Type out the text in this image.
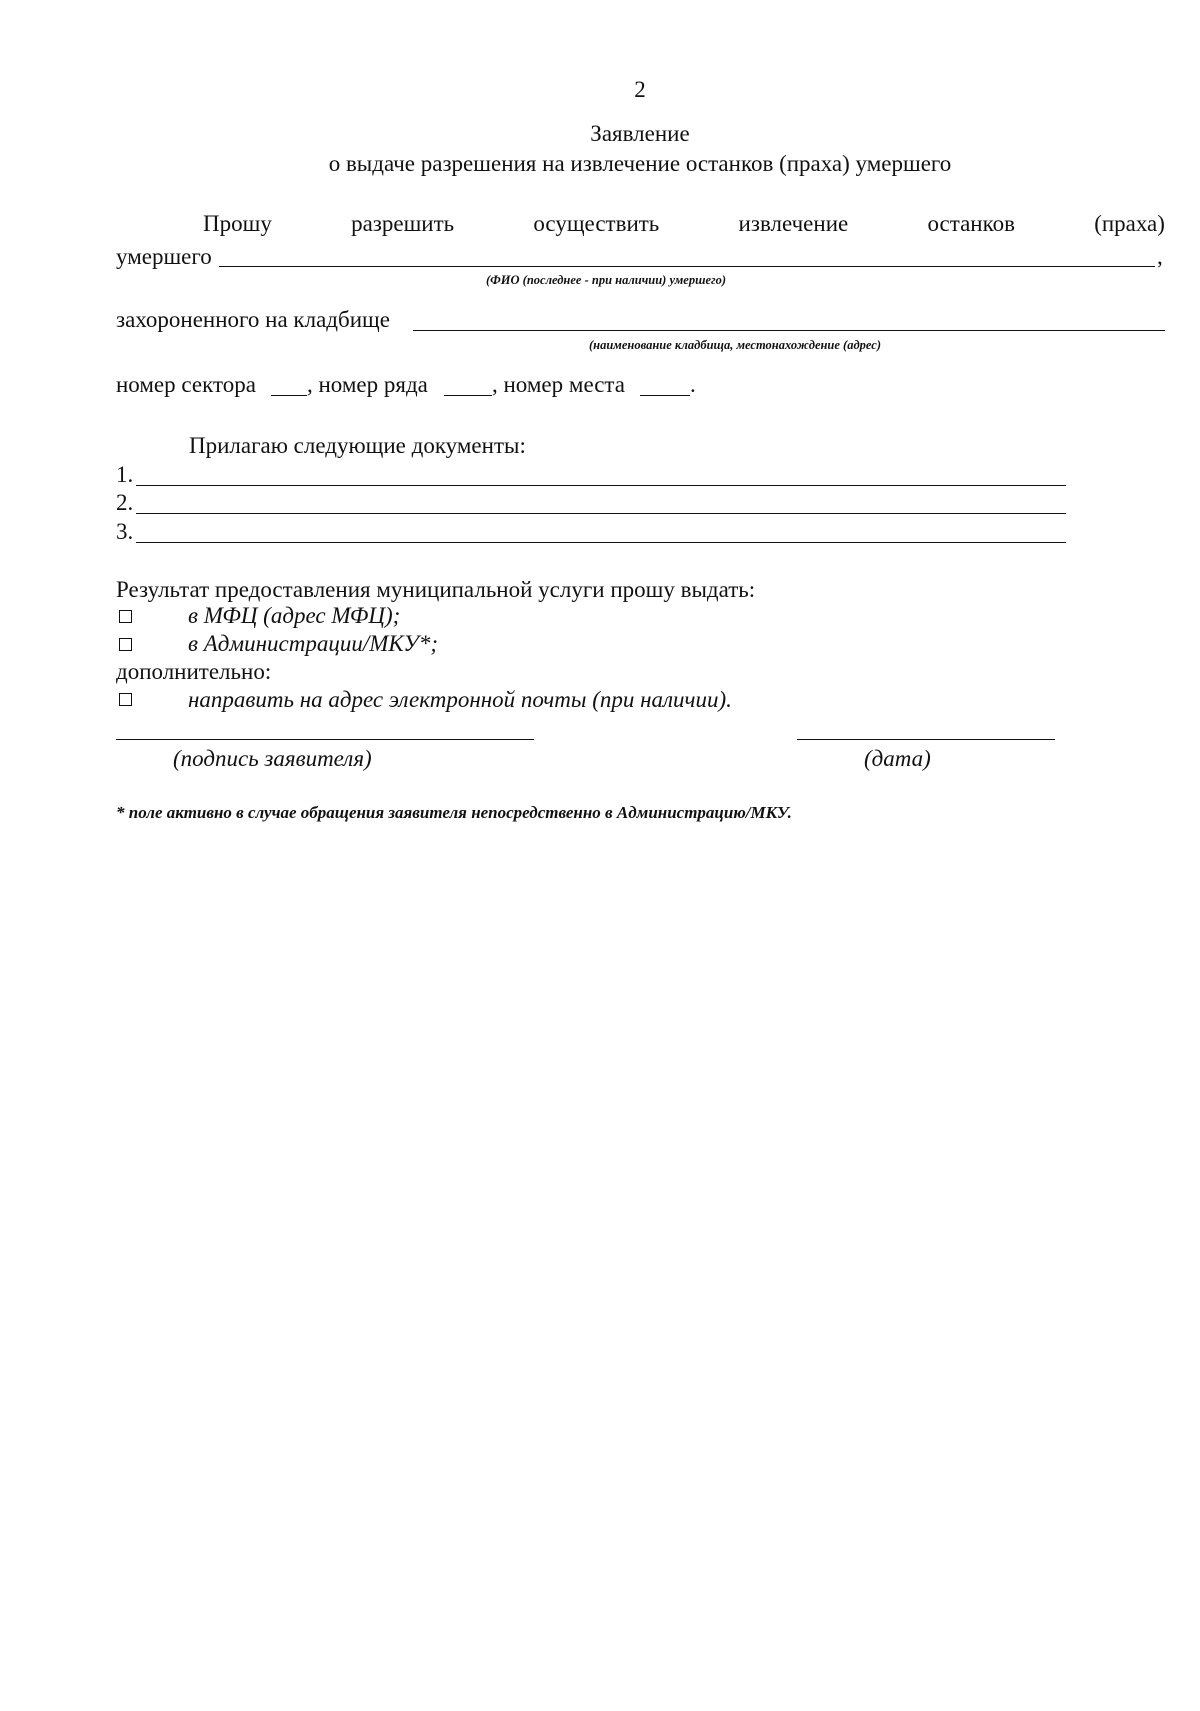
2
Заявление
о выдаче разрешения на извлечение останков (праха) умершего
Прошу	разрешить	осуществить	извлечение	останков	(праха)
умершего	,
(ФИО (последнее - при наличии) умершего)
захороненного на кладбище
(наименование кладбища, местонахождение (адрес)
номер сектора , номер ряда	, номер места	.
Прилагаю следующие документы:
1.
2.
3.
Результат предоставления муниципальной услуги прошу выдать:
в МФЦ (адрес МФЦ);
в Администрации/МКУ*;
дополнительно:
направить на адрес электронной почты (при наличии).
(подпись заявителя)	(дата)
* поле активно в случае обращения заявителя непосредственно в Администрацию/МКУ.
